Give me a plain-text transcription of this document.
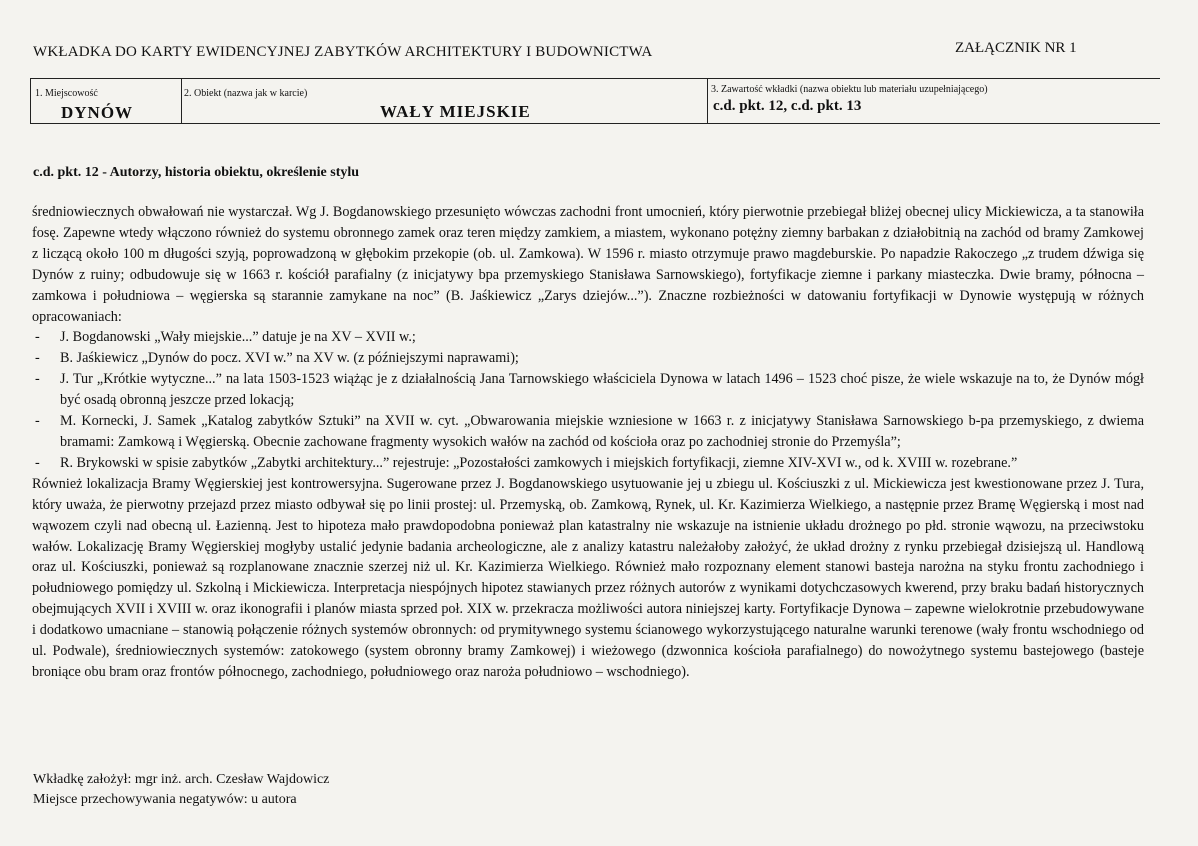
WKŁADKA DO KARTY EWIDENCYJNEJ ZABYTKÓW ARCHITEKTURY I BUDOWNICTWA	ZAŁĄCZNIK NR 1
1. Miejscowość
DYNÓW
2. Obiekt (nazwa jak w karcie)
WAŁY MIEJSKIE
3. Zawartość wkładki (nazwa obiektu lub materiału uzupełniającego)
c.d. pkt. 12, c.d. pkt. 13
c.d. pkt. 12 - Autorzy, historia obiektu, określenie stylu

średniowiecznych obwałowań nie wystarczał. Wg J. Bogdanowskiego przesunięto wówczas zachodni front umocnień, który pierwotnie przebiegał bliżej obecnej ulicy Mickiewicza, a ta stanowiła fosę. Zapewne wtedy włączono również do systemu obronnego zamek oraz teren między zamkiem, a miastem, wykonano potężny ziemny barbakan z działobitnią na zachód od bramy Zamkowej z liczącą około 100 m długości szyją, poprowadzoną w głębokim przekopie (ob. ul. Zamkowa). W 1596 r. miasto otrzymuje prawo magdeburskie. Po napadzie Rakoczego „z trudem dźwiga się Dynów z ruiny; odbudowuje się w 1663 r. kościół parafialny (z inicjatywy bpa przemyskiego Stanisława Sarnowskiego), fortyfikacje ziemne i parkany miasteczka. Dwie bramy, północna – zamkowa i południowa – węgierska są starannie zamykane na noc” (B. Jaśkiewicz „Zarys dziejów...”). Znaczne rozbieżności w datowaniu fortyfikacji w Dynowie występują w różnych opracowaniach:

- J. Bogdanowski „Wały miejskie...” datuje je na XV – XVII w.;
- B. Jaśkiewicz „Dynów do pocz. XVI w.” na XV w. (z późniejszymi naprawami);
- J. Tur „Krótkie wytyczne...” na lata 1503-1523 wiążąc je z działalnością Jana Tarnowskiego właściciela Dynowa w latach 1496 – 1523 choć pisze, że wiele wskazuje na to, że Dynów mógł być osadą obronną jeszcze przed lokacją;
- M. Kornecki, J. Samek „Katalog zabytków Sztuki” na XVII w. cyt. „Obwarowania miejskie wzniesione w 1663 r. z inicjatywy Stanisława Sarnowskiego b-pa przemyskiego, z dwiema bramami: Zamkową i Węgierską. Obecnie zachowane fragmenty wysokich wałów na zachód od kościoła oraz po zachodniej stronie do Przemyśla”;
- R. Brykowski w spisie zabytków „Zabytki architektury...” rejestruje: „Pozostałości zamkowych i miejskich fortyfikacji, ziemne XIV-XVI w., od k. XVIII w. rozebrane.”

Również lokalizacja Bramy Węgierskiej jest kontrowersyjna. Sugerowane przez J. Bogdanowskiego usytuowanie jej u zbiegu ul. Kościuszki z ul. Mickiewicza jest kwestionowane przez J. Tura, który uważa, że pierwotny przejazd przez miasto odbywał się po linii prostej: ul. Przemyską, ob. Zamkową, Rynek, ul. Kr. Kazimierza Wielkiego, a następnie przez Bramę Węgierską i most nad wąwozem czyli nad obecną ul. Łazienną. Jest to hipoteza mało prawdopodobna ponieważ plan katastralny nie wskazuje na istnienie układu drożnego po płd. stronie wąwozu, na przeciwstoku wałów. Lokalizację Bramy Węgierskiej mogłyby ustalić jedynie badania archeologiczne, ale z analizy katastru należałoby założyć, że układ drożny z rynku przebiegał dzisiejszą ul. Handlową oraz ul. Kościuszki, ponieważ są rozplanowane znacznie szerzej niż ul. Kr. Kazimierza Wielkiego. Również mało rozpoznany element stanowi basteja narożna na styku frontu zachodniego i południowego pomiędzy ul. Szkolną i Mickiewicza. Interpretacja niespójnych hipotez stawianych przez różnych autorów z wynikami dotychczasowych kwerend, przy braku badań historycznych obejmujących XVII i XVIII w. oraz ikonografii i planów miasta sprzed poł. XIX w. przekracza możliwości autora niniejszej karty. Fortyfikacje Dynowa – zapewne wielokrotnie przebudowywane i dodatkowo umacniane – stanowią połączenie różnych systemów obronnych: od prymitywnego systemu ścianowego wykorzystującego naturalne warunki terenowe (wały frontu wschodniego od ul. Podwale), średniowiecznych systemów: zatokowego (system obronny bramy Zamkowej) i wieżowego (dzwonnica kościoła parafialnego) do nowożytnego systemu bastejowego (basteje broniące obu bram oraz frontów północnego, zachodniego, południowego oraz naroża południowo – wschodniego).

Wkładkę założył: mgr inż. arch. Czesław Wajdowicz
Miejsce przechowywania negatywów: u autora
